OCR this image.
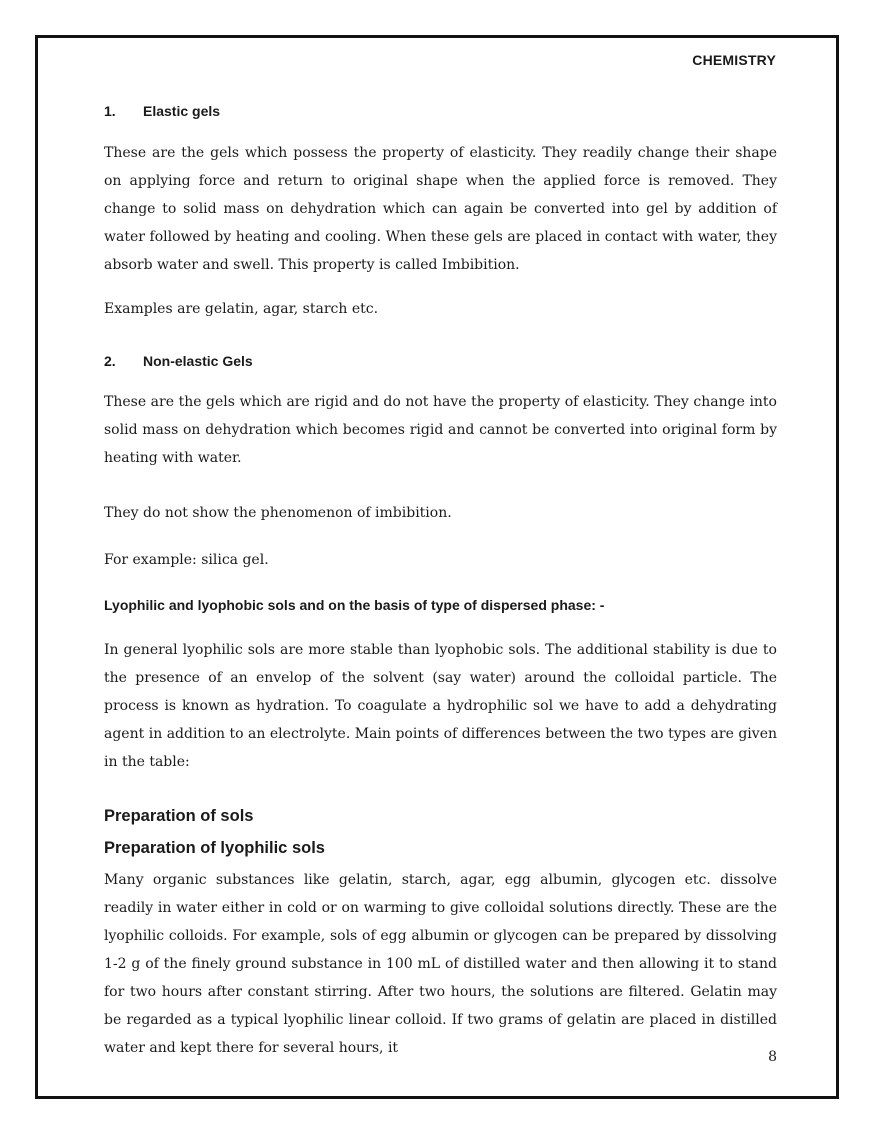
CHEMISTRY
1.	Elastic gels

These are the gels which possess the property of elasticity. They readily change their shape on applying force and return to original shape when the applied force is removed. They change to solid mass on dehydration which can again be converted into gel by addition of water followed by heating and cooling. When these gels are placed in contact with water, they absorb water and swell. This property is called Imbibition.

Examples are gelatin, agar, starch etc.

2.	Non-elastic Gels

These are the gels which are rigid and do not have the property of elasticity. They change into solid mass on dehydration which becomes rigid and cannot be converted into original form by heating with water.

They do not show the phenomenon of imbibition.

For example: silica gel.

Lyophilic and lyophobic sols and on the basis of type of dispersed phase: -

In general lyophilic sols are more stable than lyophobic sols. The additional stability is due to the presence of an envelop of the solvent (say water) around the colloidal particle. The process is known as hydration. To coagulate a hydrophilic sol we have to add a dehydrating agent in addition to an electrolyte. Main points of differences between the two types are given in the table:

Preparation of sols
Preparation of lyophilic sols

Many organic substances like gelatin, starch, agar, egg albumin, glycogen etc. dissolve readily in water either in cold or on warming to give colloidal solutions directly. These are the lyophilic colloids. For example, sols of egg albumin or glycogen can be prepared by dissolving 1-2 g of the finely ground substance in 100 mL of distilled water and then allowing it to stand for two hours after constant stirring. After two hours, the solutions are filtered. Gelatin may be regarded as a typical lyophilic linear colloid. If two grams of gelatin are placed in distilled water and kept there for several hours, it

8
